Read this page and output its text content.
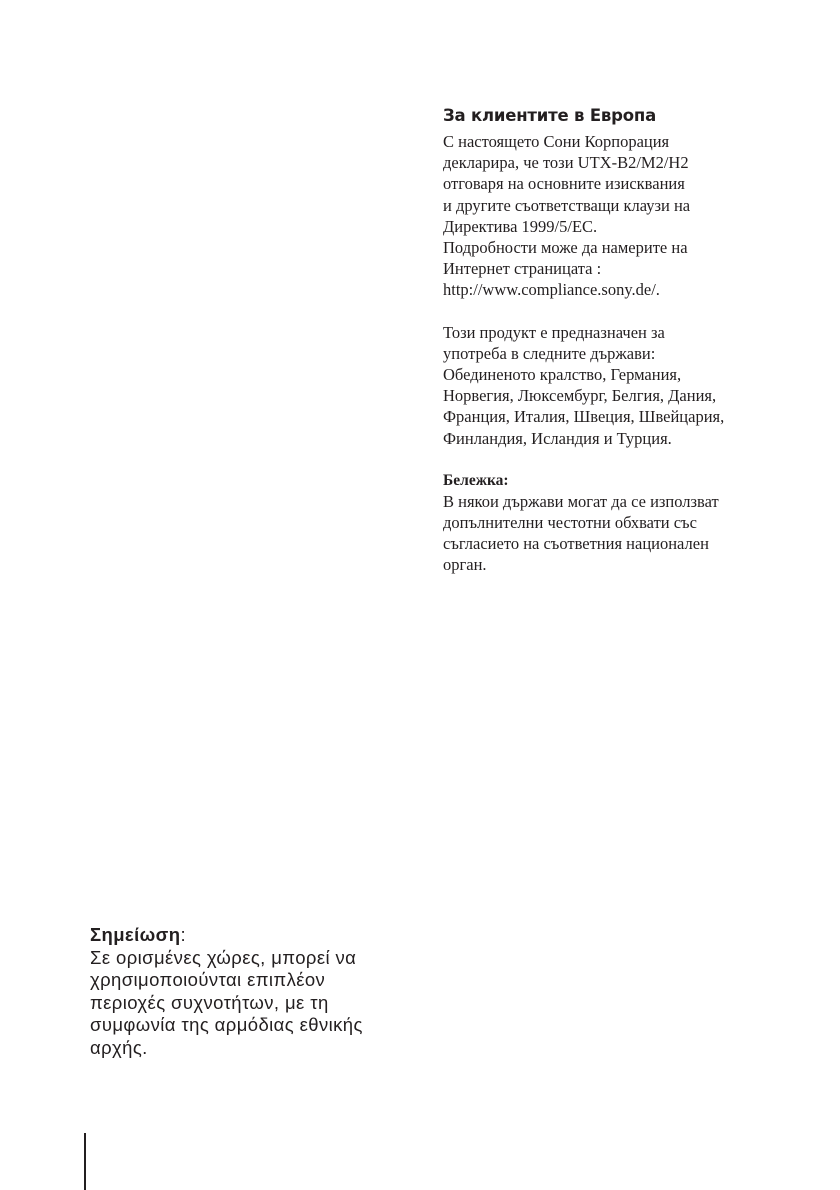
За клиентите в Европа

С настоящето Сони Корпорация
декларира, че този UTX-B2/M2/H2
отговаря на основните изисквания
и другите съответстващи клаузи на
Директива 1999/5/EC.
Подробности може да намерите на
Интернет страницата :
http://www.compliance.sony.de/.

Този продукт е предназначен за
употреба в следните държави:
Обединеното кралство, Германия,
Норвегия, Люксембург, Белгия, Дания,
Франция, Италия, Швеция, Швейцария,
Финландия, Исландия и Турция.

Бележка:
В някои държави могат да се използват
допълнителни честотни обхвати със
съгласието на съответния национален
орган.

Σημείωση:
Σε ορισμένες χώρες, μπορεί να
χρησιμοποιούνται επιπλέον
περιοχές συχνοτήτων, με τη
συμφωνία της αρμόδιας εθνικής
αρχής.
